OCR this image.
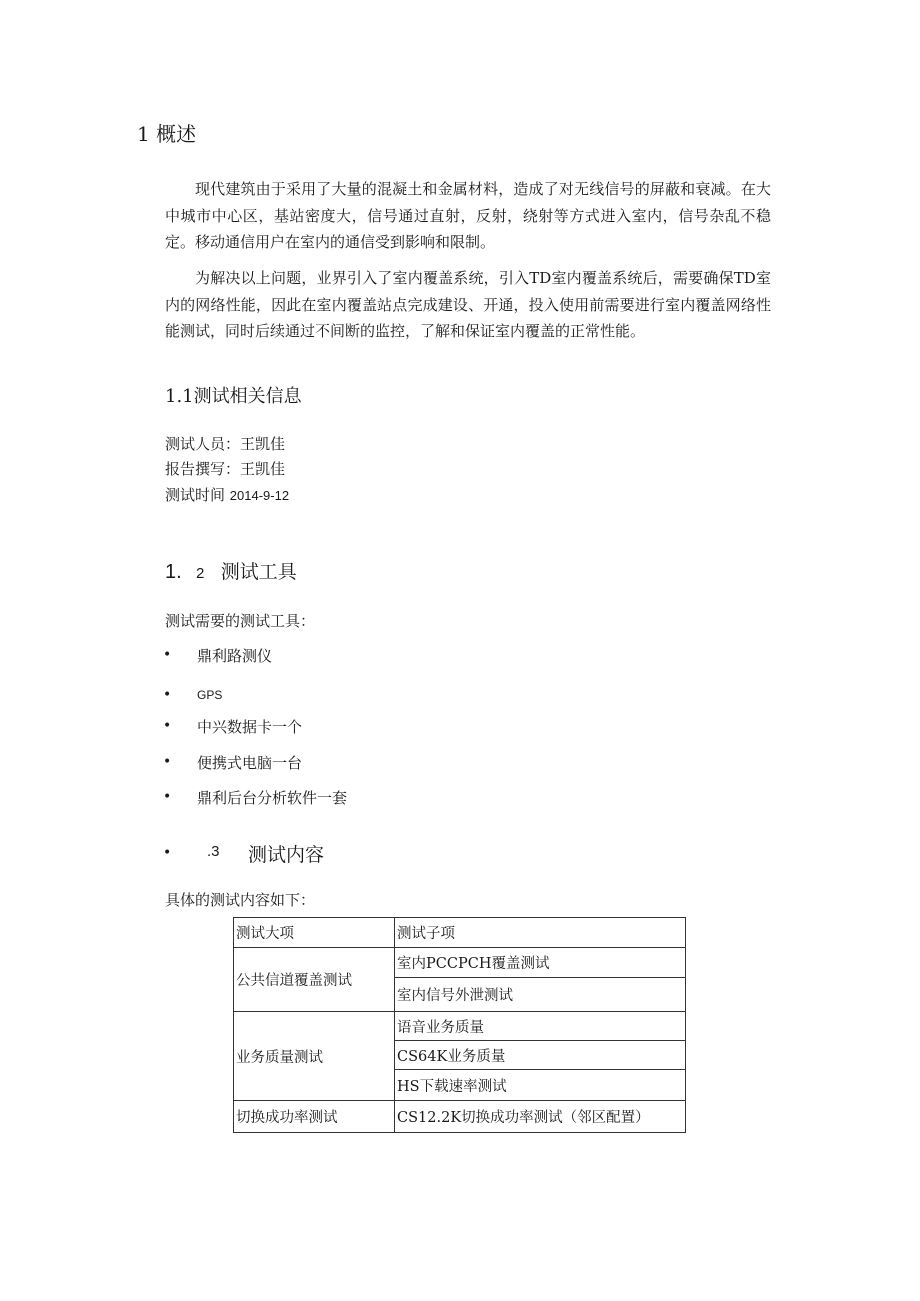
1 概述
现代建筑由于采用了大量的混凝土和金属材料，造成了对无线信号的屏蔽和衰减。在大中城市中心区，基站密度大，信号通过直射，反射，绕射等方式进入室内，信号杂乱不稳定。移动通信用户在室内的通信受到影响和限制。
为解决以上问题，业界引入了室内覆盖系统，引入TD室内覆盖系统后，需要确保TD室内的网络性能，因此在室内覆盖站点完成建设、开通，投入使用前需要进行室内覆盖网络性能测试，同时后续通过不间断的监控，了解和保证室内覆盖的正常性能。
1.1测试相关信息
测试人员：王凯佳
报告撰写：王凯佳
测试时间 2014-9-12
1. 2 测试工具
测试需要的测试工具：
• 鼎利路测仪
• GPS
• 中兴数据卡一个
• 便携式电脑一台
• 鼎利后台分析软件一套
• .3 测试内容
具体的测试内容如下：
测试大项	测试子项
公共信道覆盖测试	室内PCCPCH覆盖测试
	室内信号外泄测试
业务质量测试	语音业务质量
	CS64K业务质量
	HS下载速率测试
切换成功率测试	CS12.2K切换成功率测试（邻区配置）
